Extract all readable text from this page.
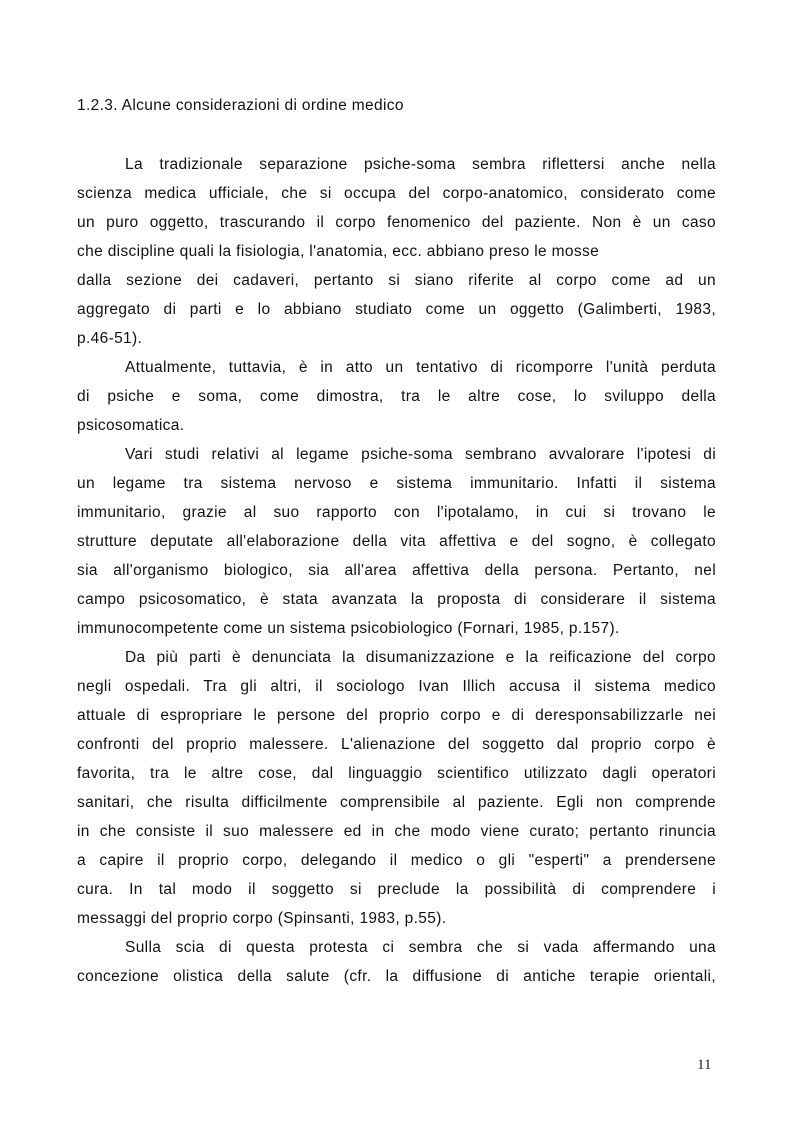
1.2.3. Alcune considerazioni di ordine medico
La tradizionale separazione psiche-soma sembra riflettersi anche nella
scienza medica ufficiale, che si occupa del corpo-anatomico, considerato come
un puro oggetto, trascurando il corpo fenomenico del paziente. Non è un caso
che discipline quali la fisiologia, l'anatomia, ecc. abbiano preso le mosse
dalla sezione dei cadaveri, pertanto si siano riferite al corpo come ad un
aggregato di parti e lo abbiano studiato come un oggetto (Galimberti, 1983,
p.46-51).
Attualmente, tuttavia, è in atto un tentativo di ricomporre l'unità perduta
di psiche e soma, come dimostra, tra le altre cose, lo sviluppo della
psicosomatica.
Vari studi relativi al legame psiche-soma sembrano avvalorare l'ipotesi di
un legame tra sistema nervoso e sistema immunitario. Infatti il sistema
immunitario, grazie al suo rapporto con l'ipotalamo, in cui si trovano le
strutture deputate all'elaborazione della vita affettiva e del sogno, è collegato
sia all'organismo biologico, sia all'area affettiva della persona. Pertanto, nel
campo psicosomatico, è stata avanzata la proposta di considerare il sistema
immunocompetente come un sistema psicobiologico (Fornari, 1985, p.157).
Da più parti è denunciata la disumanizzazione e la reificazione del corpo
negli ospedali. Tra gli altri, il sociologo Ivan Illich accusa il sistema medico
attuale di espropriare le persone del proprio corpo e di deresponsabilizzarle nei
confronti del proprio malessere. L'alienazione del soggetto dal proprio corpo è
favorita, tra le altre cose, dal linguaggio scientifico utilizzato dagli operatori
sanitari, che risulta difficilmente comprensibile al paziente. Egli non comprende
in che consiste il suo malessere ed in che modo viene curato; pertanto rinuncia
a capire il proprio corpo, delegando il medico o gli "esperti" a prendersene
cura. In tal modo il soggetto si preclude la possibilità di comprendere i
messaggi del proprio corpo (Spinsanti, 1983, p.55).
Sulla scia di questa protesta ci sembra che si vada affermando una
concezione olistica della salute (cfr. la diffusione di antiche terapie orientali,
11
